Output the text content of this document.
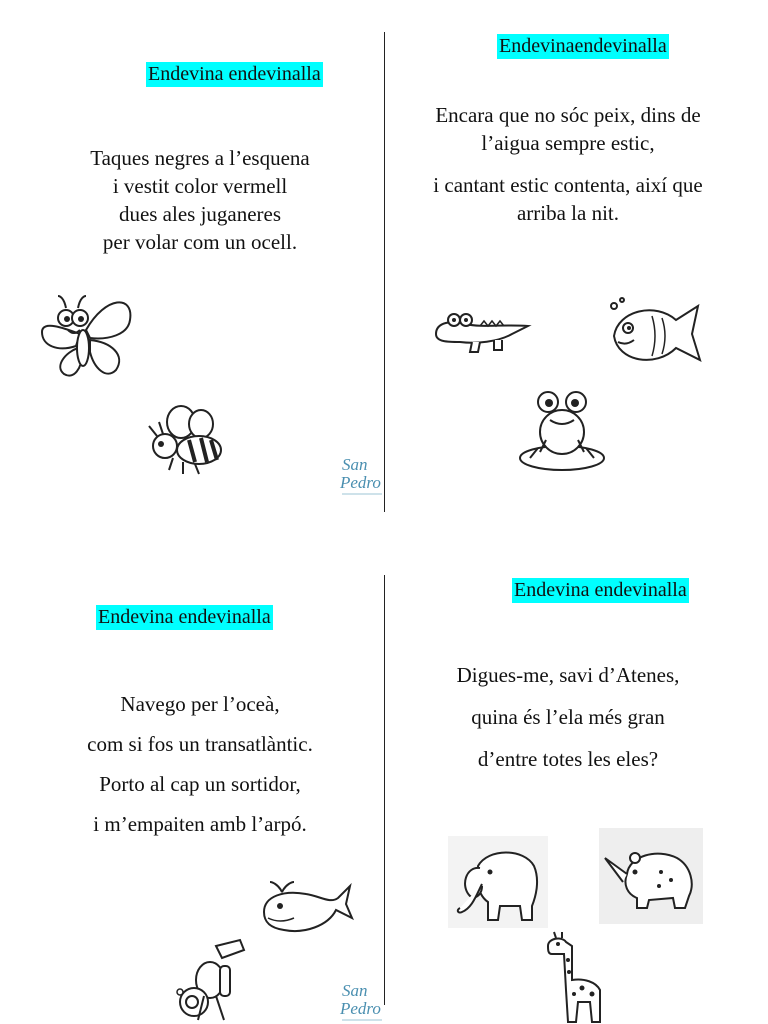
Endevina endevinalla
Taques negres a l’esquena
i vestit color vermell
dues ales juganeres
per volar com un ocell.
San
Pedro
Endevinaendevinalla
Encara que no sóc peix, dins de
l’aigua sempre estic,
i cantant estic contenta, així que
arriba la nit.
Endevina endevinalla
Navego per l’oceà,
com si fos un transatlàntic.
Porto al cap un sortidor,
i m’empaiten amb l’arpó.
San
Pedro
Endevina endevinalla
Digues-me, savi d’Atenes,
quina és l’ela més gran
d’entre totes les eles?
